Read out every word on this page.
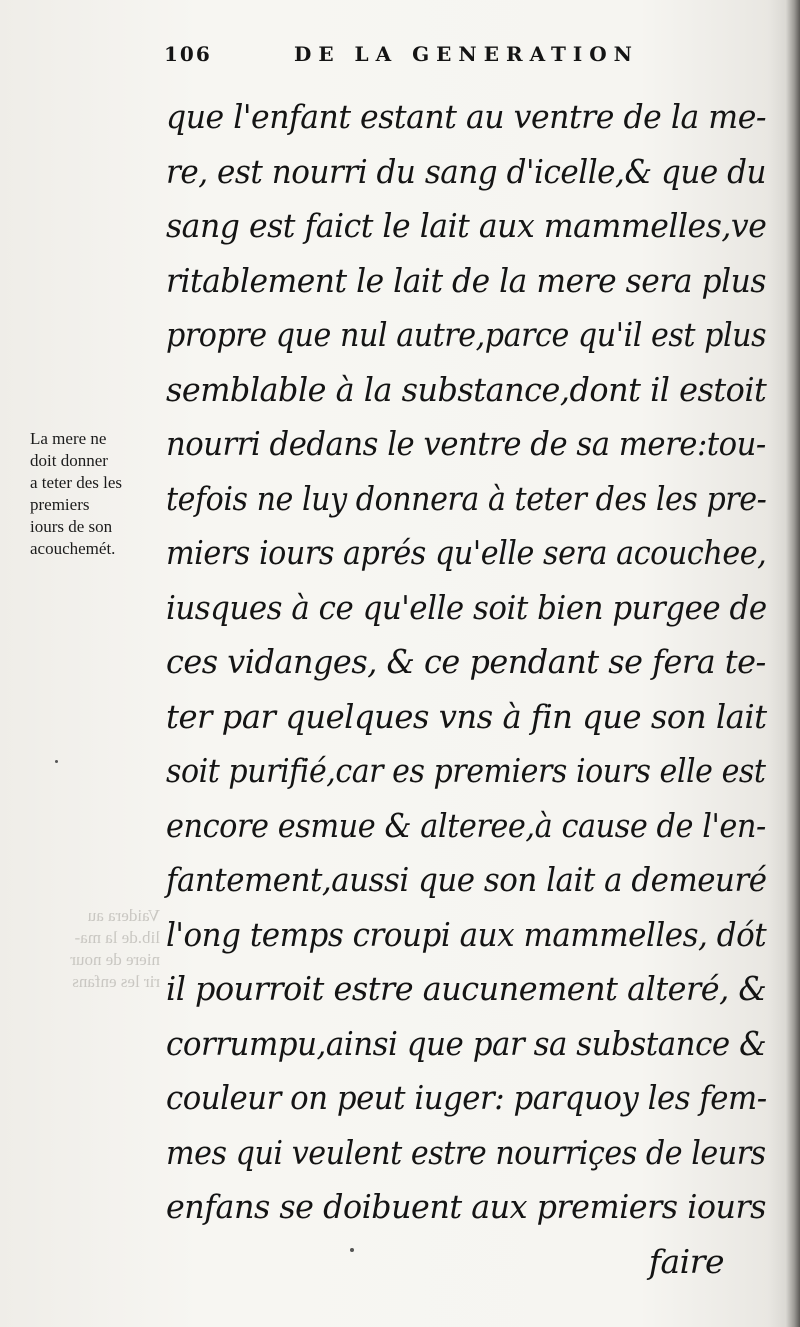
106	DE LA GENERATION
La mere ne
doit donner
a teter des les
premiers
iours de son
acouchemét.
Vaidera au
lib.de la ma-
niere de nour
rir les enfans
que l'enfant estant au ventre de la me-
re, est nourri du sang d'icelle,& que du
sang est faict le lait aux mammelles,ve
ritablement le lait de la mere sera plus
propre que nul autre,parce qu'il est plus
semblable à la substance,dont il estoit
nourri dedans le ventre de sa mere:tou-
tefois ne luy donnera à teter des les pre-
miers iours aprés qu'elle sera acouchee,
iusques à ce qu'elle soit bien purgee de
ces vidanges, & ce pendant se fera te-
ter par quelques vns à fin que son lait
soit purifié,car es premiers iours elle est
encore esmue & alteree,à cause de l'en-
fantement,aussi que son lait a demeuré
l'ong temps croupi aux mammelles, dót
il pourroit estre aucunement alteré, &
corrumpu,ainsi que par sa substance &
couleur on peut iuger: parquoy les fem-
mes qui veulent estre nourriçes de leurs
enfans se doibuent aux premiers iours
faire
